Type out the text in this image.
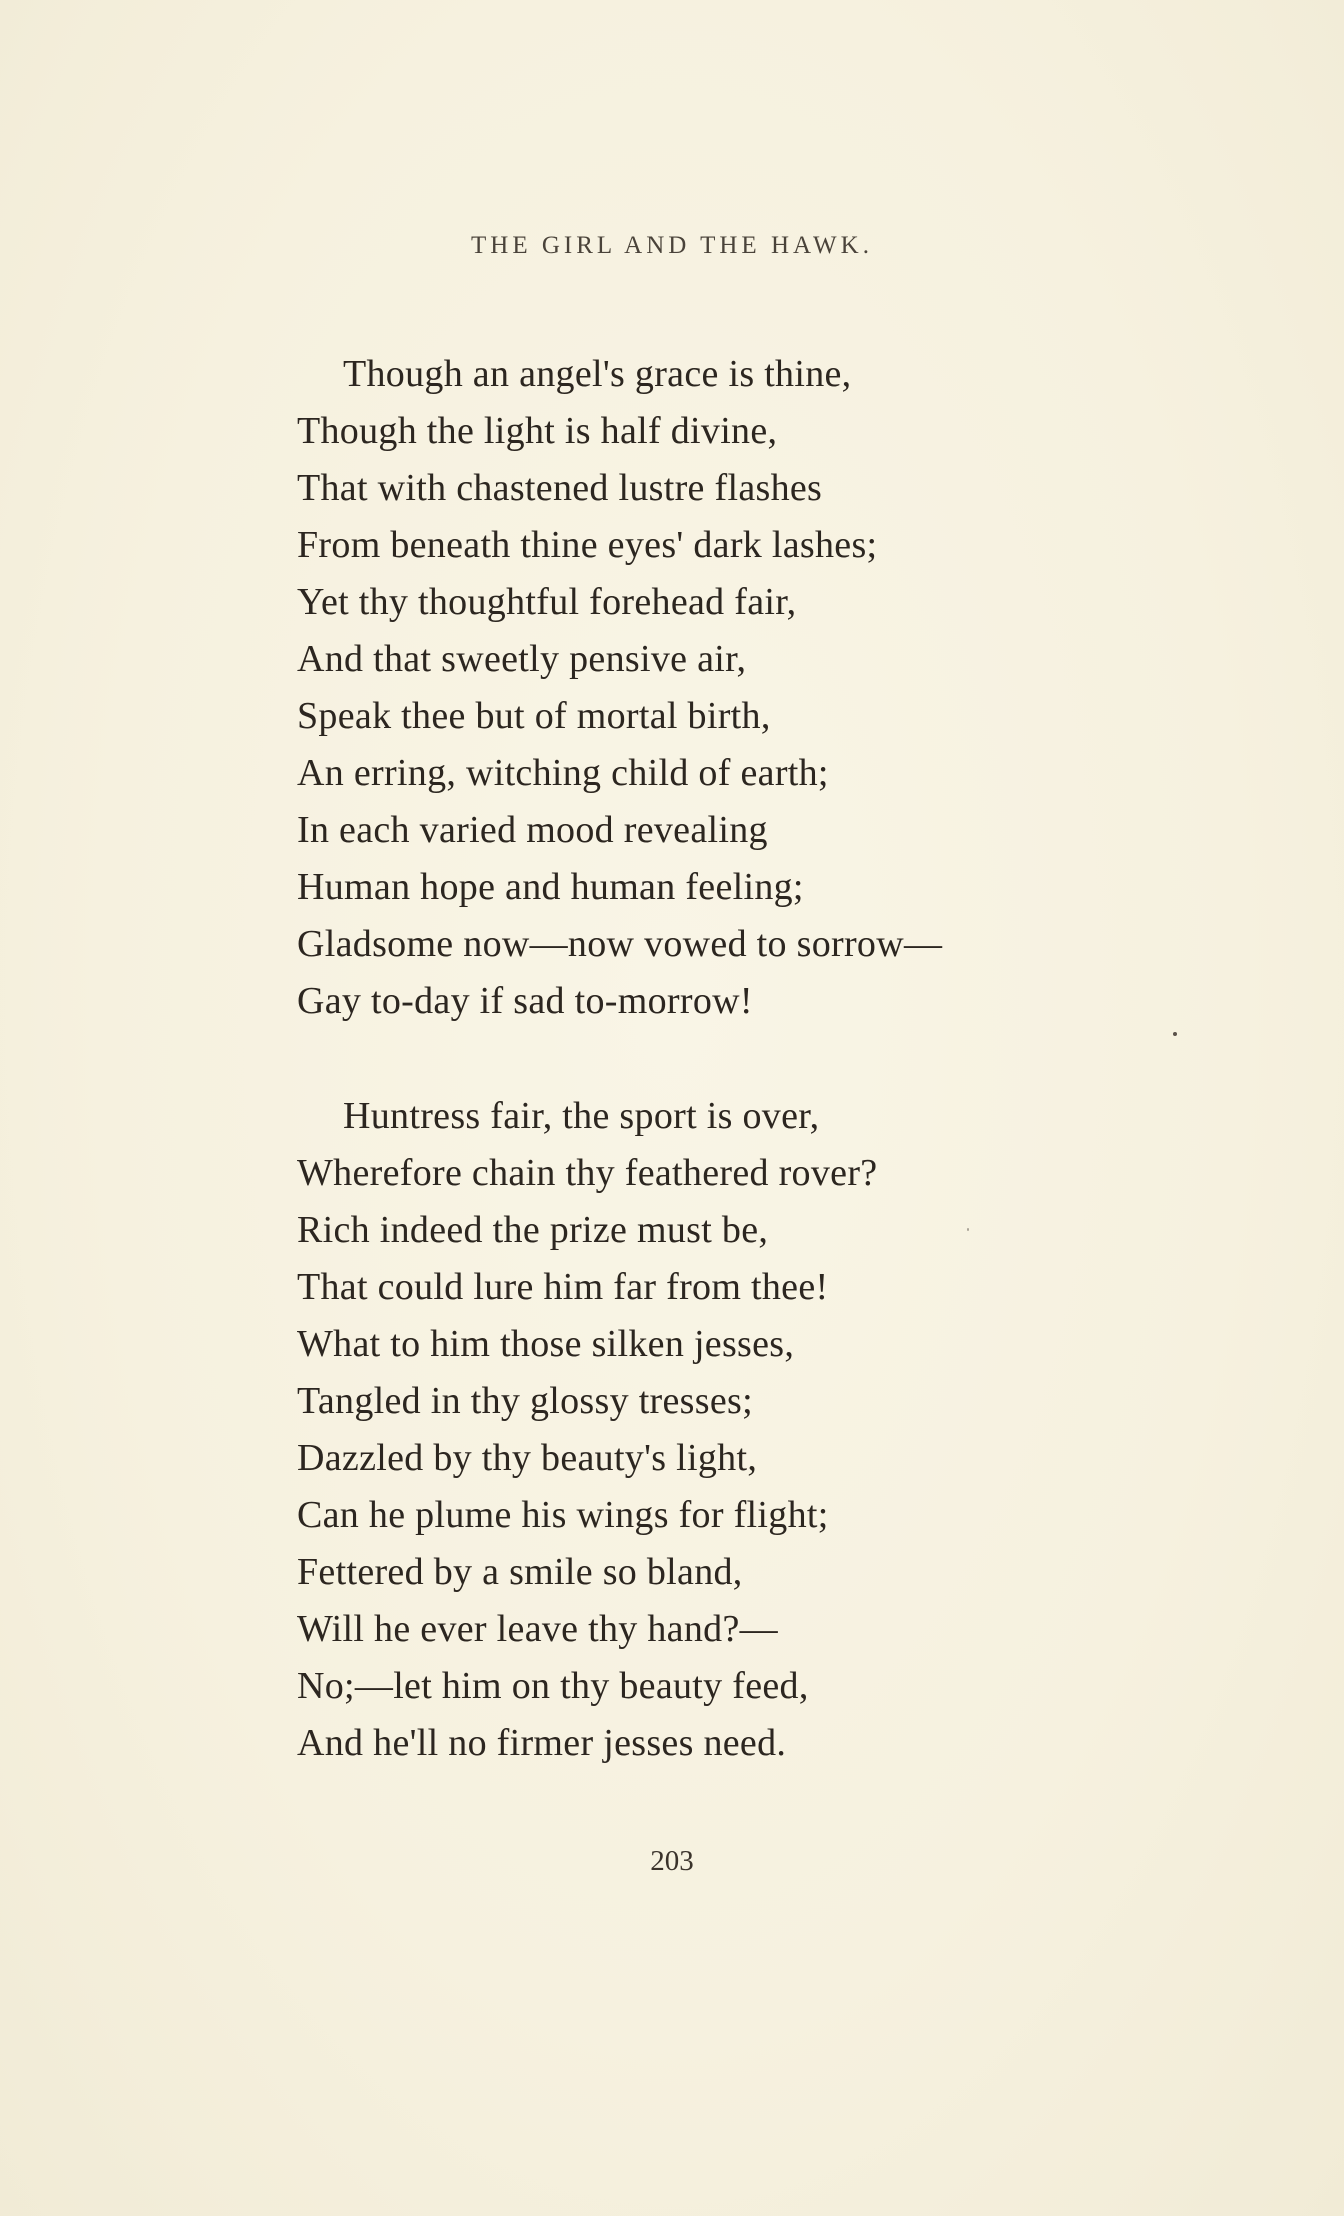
THE GIRL AND THE HAWK.
Though an angel's grace is thine,
Though the light is half divine,
That with chastened lustre flashes
From beneath thine eyes' dark lashes;
Yet thy thoughtful forehead fair,
And that sweetly pensive air,
Speak thee but of mortal birth,
An erring, witching child of earth;
In each varied mood revealing
Human hope and human feeling;
Gladsome now—now vowed to sorrow—
Gay to-day if sad to-morrow!
Huntress fair, the sport is over,
Wherefore chain thy feathered rover?
Rich indeed the prize must be,
That could lure him far from thee!
What to him those silken jesses,
Tangled in thy glossy tresses;
Dazzled by thy beauty's light,
Can he plume his wings for flight;
Fettered by a smile so bland,
Will he ever leave thy hand?—
No;—let him on thy beauty feed,
And he'll no firmer jesses need.
203
